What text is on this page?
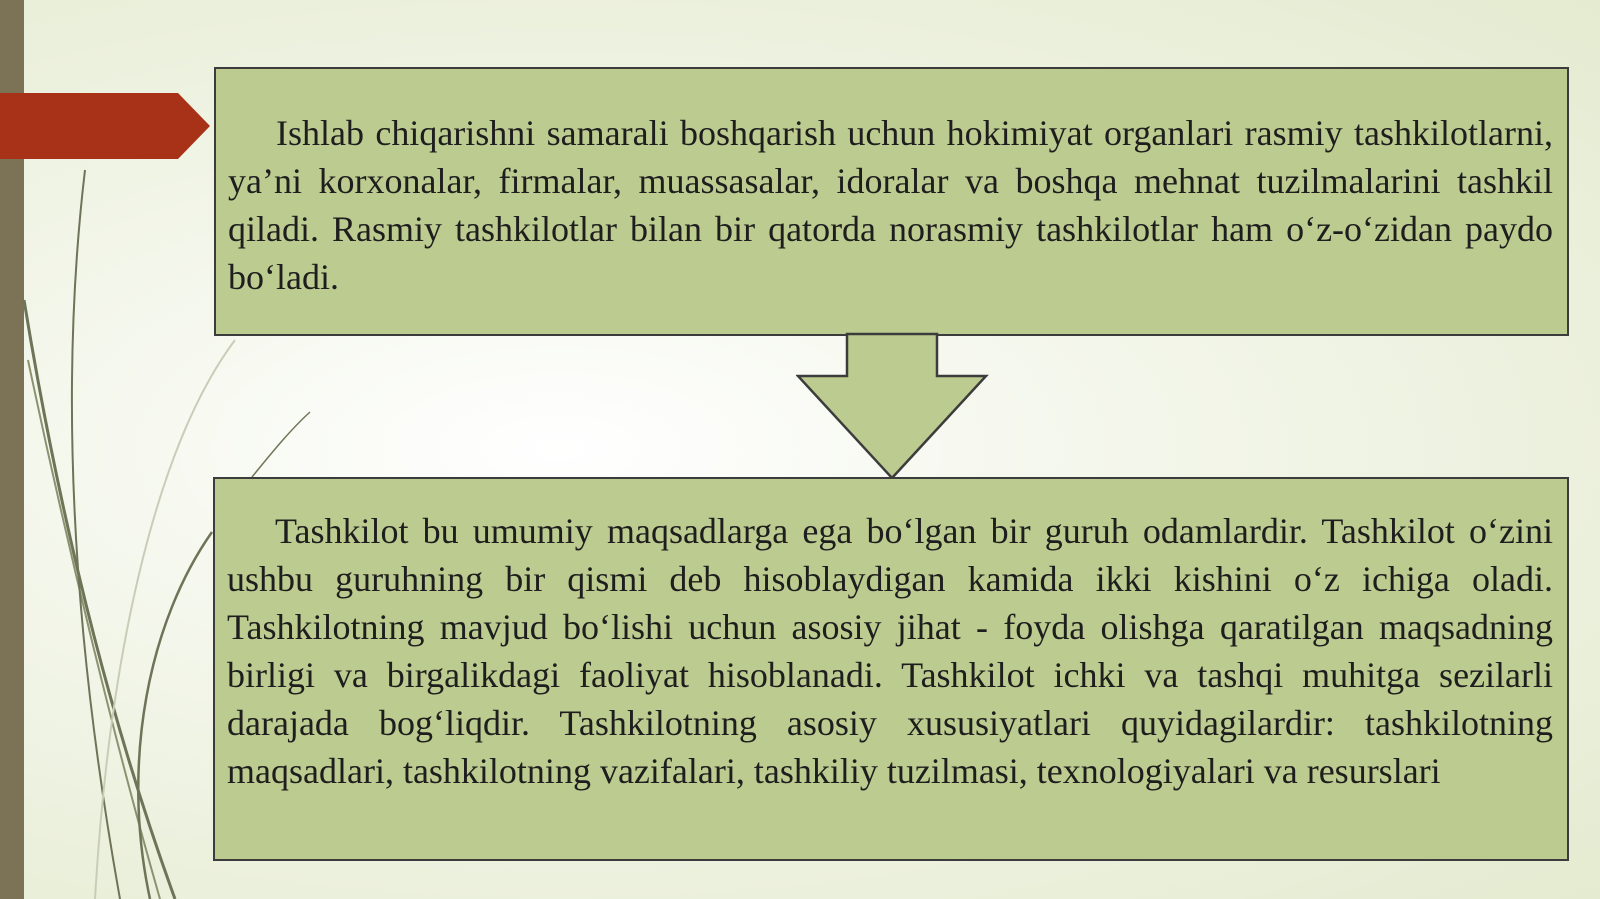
Ishlab chiqarishni samarali boshqarish uchun hokimiyat organlari rasmiy tashkilotlarni, ya’ni korxonalar, firmalar, muassasalar, idoralar va boshqa mehnat tuzilmalarini tashkil qiladi. Rasmiy tashkilotlar bilan bir qatorda norasmiy tashkilotlar ham o‘z-o‘zidan paydo bo‘ladi.

Tashkilot bu umumiy maqsadlarga ega bo‘lgan bir guruh odamlardir. Tashkilot o‘zini ushbu guruhning bir qismi deb hisoblaydigan kamida ikki kishini o‘z ichiga oladi. Tashkilotning mavjud bo‘lishi uchun asosiy jihat - foyda olishga qaratilgan maqsadning birligi va birgalikdagi faoliyat hisoblanadi. Tashkilot ichki va tashqi muhitga sezilarli darajada bog‘liqdir. Tashkilotning asosiy xususiyatlari quyidagilardir: tashkilotning maqsadlari, tashkilotning vazifalari, tashkiliy tuzilmasi, texnologiyalari va resurslari
